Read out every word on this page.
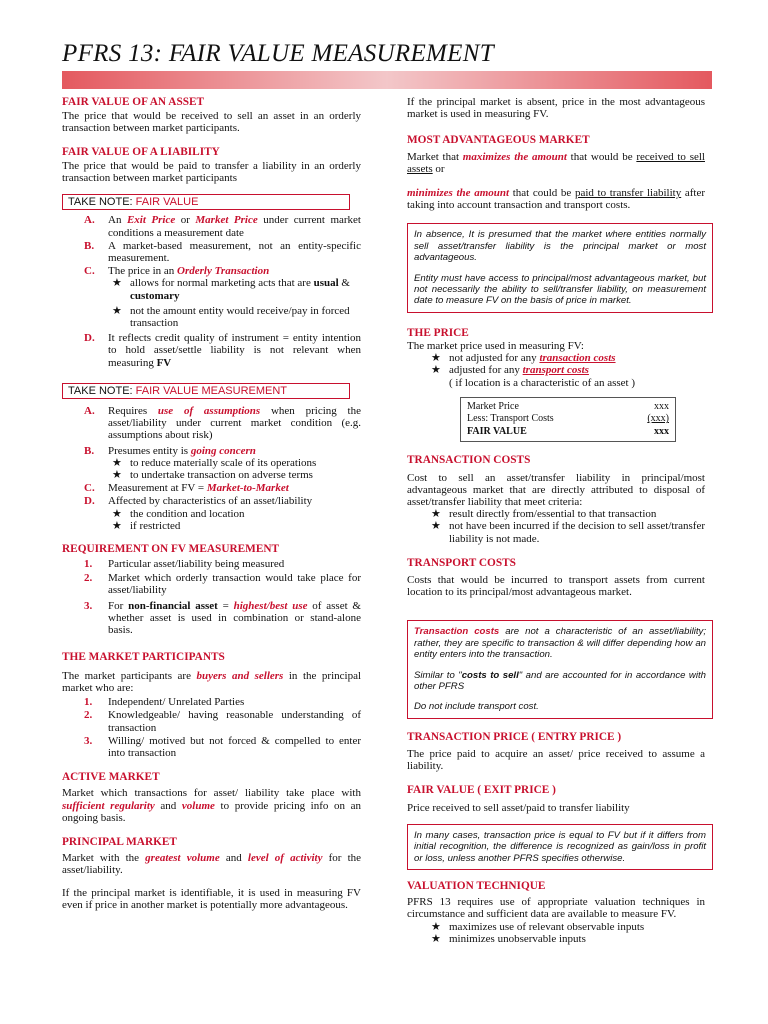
PFRS 13: FAIR VALUE MEASUREMENT

FAIR VALUE OF AN ASSET

The price that would be received to sell an asset in an orderly transaction between market participants.

FAIR VALUE OF A LIABILITY

The price that would be paid to transfer a liability in an orderly transaction between market participants

TAKE NOTE: FAIR VALUE
A. An Exit Price or Market Price under current market conditions a measurement date
B. A market-based measurement, not an entity-specific measurement.
C. The price in an Orderly Transaction
★ allows for normal marketing acts that are usual & customary
★ not the amount entity would receive/pay in forced transaction
D. It reflects credit quality of instrument = entity intention to hold asset/settle liability is not relevant when measuring FV
TAKE NOTE: FAIR VALUE MEASUREMENT
A. Requires use of assumptions when pricing the asset/liability under current market condition (e.g. assumptions about risk)
B. Presumes entity is going concern
★ to reduce materially scale of its operations
★ to undertake transaction on adverse terms
C. Measurement at FV = Market-to-Market
D. Affected by characteristics of an asset/liability
★ the condition and location
★ if restricted

REQUIREMENT ON FV MEASUREMENT

1. Particular asset/liability being measured
2. Market which orderly transaction would take place for asset/liability
3. For non-financial asset = highest/best use of asset & whether asset is used in combination or stand-alone basis.

THE MARKET PARTICIPANTS

The market participants are buyers and sellers in the principal market who are:

1. Independent/ Unrelated Parties
2. Knowledgeable/ having reasonable understanding of transaction
3. Willing/ motived but not forced & compelled to enter into transaction

ACTIVE MARKET

Market which transactions for asset/ liability take place with sufficient regularity and volume to provide pricing info on an ongoing basis.

PRINCIPAL MARKET

Market with the greatest volume and level of activity for the asset/liability.

If the principal market is identifiable, it is used in measuring FV even if price in another market is potentially more advantageous.

If the principal market is absent, price in the most advantageous market is used in measuring FV.

MOST ADVANTAGEOUS MARKET

Market that maximizes the amount that would be received to sell assets or

minimizes the amount that could be paid to transfer liability after taking into account transaction and transport costs.

In absence, It is presumed that the market where entities normally sell asset/transfer liability is the principal market or most advantageous.

Entity must have access to principal/most advantageous market, but not necessarily the ability to sell/transfer liability, on measurement date to measure FV on the basis of price in market.

THE PRICE

The market price used in measuring FV:

★ not adjusted for any transaction costs
★ adjusted for any transport costs
( if location is a characteristic of an asset )
Market Price	xxx
Less: Transport Costs	(xxx)
FAIR VALUE	xxx

TRANSACTION COSTS

Cost to sell an asset/transfer liability in principal/most advantageous market that are directly attributed to disposal of asset/transfer liability that meet criteria:

★ result directly from/essential to that transaction
★ not have been incurred if the decision to sell asset/transfer liability is not made.

TRANSPORT COSTS

Costs that would be incurred to transport assets from current location to its principal/most advantageous market.

Transaction costs are not a characteristic of an asset/liability; rather, they are specific to transaction & will differ depending how an entity enters into the transaction.

Similar to "costs to sell" and are accounted for in accordance with other PFRS

Do not include transport cost.

TRANSACTION PRICE ( ENTRY PRICE )

The price paid to acquire an asset/ price received to assume a liability.

FAIR VALUE ( EXIT PRICE )

Price received to sell asset/paid to transfer liability

In many cases, transaction price is equal to FV but if it differs from initial recognition, the difference is recognized as gain/loss in profit or loss, unless another PFRS specifies otherwise.

VALUATION TECHNIQUE

PFRS 13 requires use of appropriate valuation techniques in circumstance and sufficient data are available to measure FV.

★ maximizes use of relevant observable inputs
★ minimizes unobservable inputs
